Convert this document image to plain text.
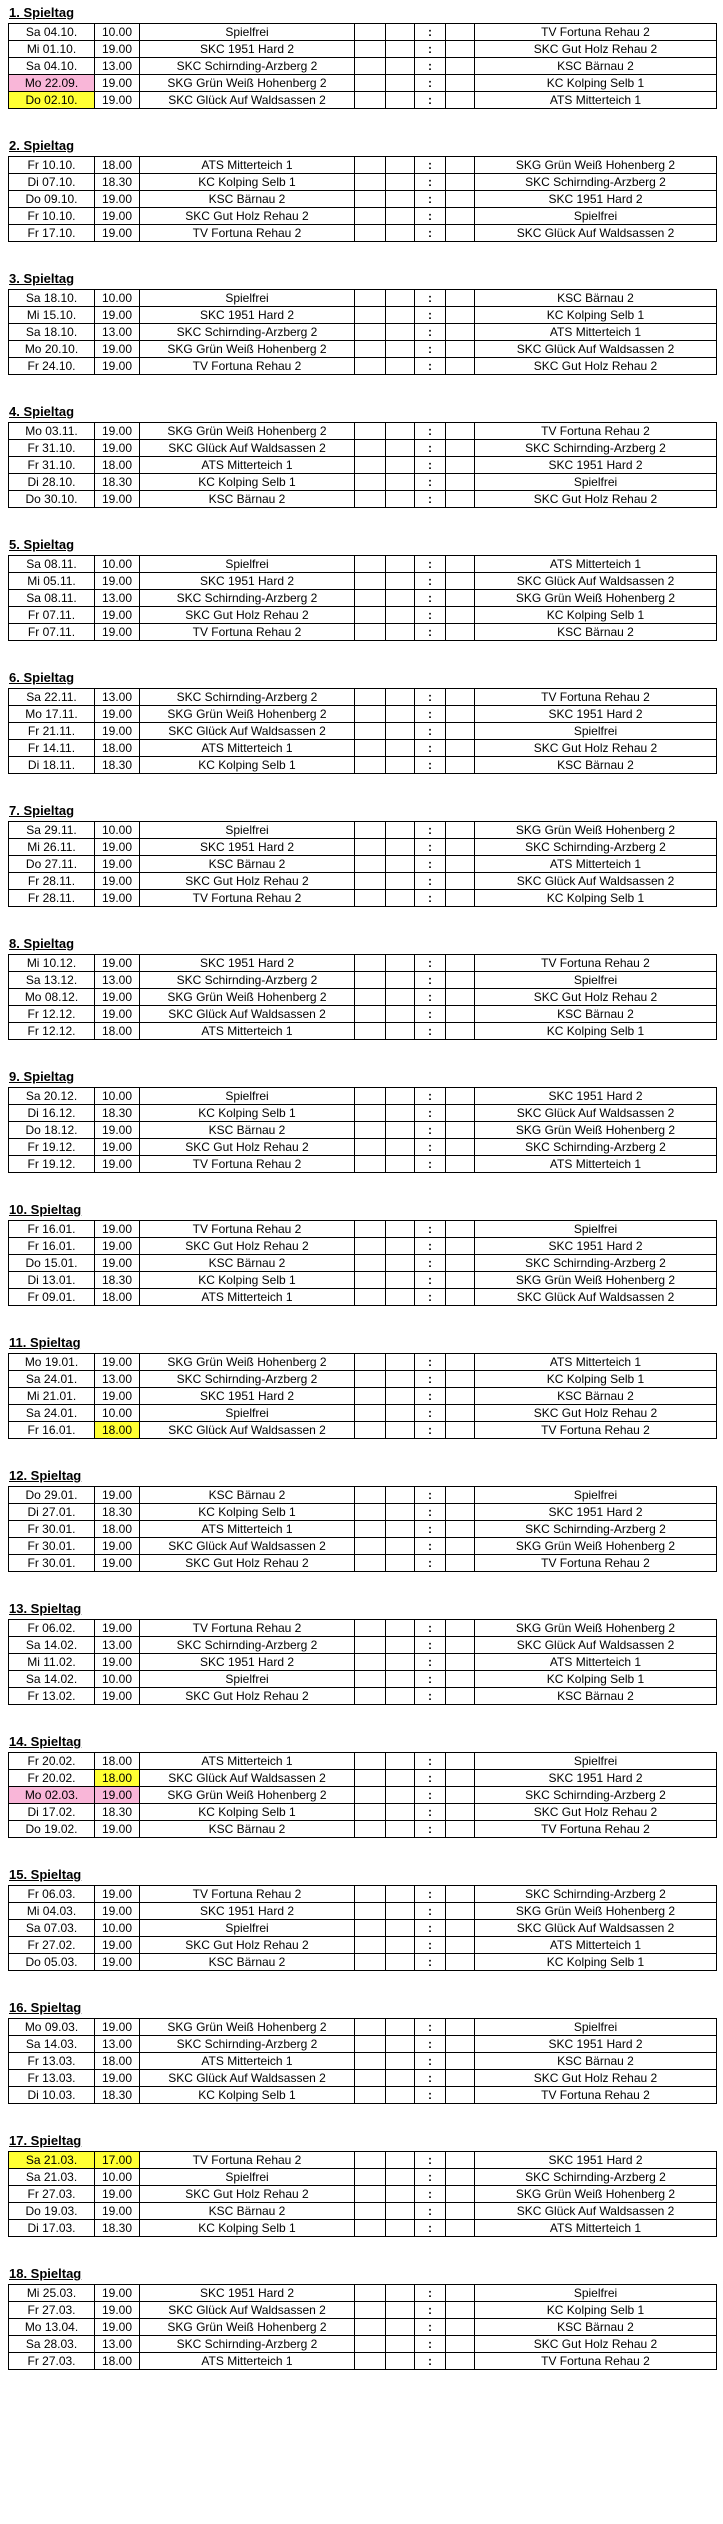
1. Spieltag
Sa 04.10.	10.00	Spielfrei			:		TV Fortuna Rehau 2
Mi 01.10.	19.00	SKC 1951 Hard 2			:		SKC Gut Holz Rehau 2
Sa 04.10.	13.00	SKC Schirnding-Arzberg 2			:		KSC Bärnau 2
Mo 22.09.	19.00	SKG Grün Weiß Hohenberg 2			:		KC Kolping Selb 1
Do 02.10.	19.00	SKC Glück Auf Waldsassen 2			:		ATS Mitterteich 1
2. Spieltag
Fr 10.10.	18.00	ATS Mitterteich 1			:		SKG Grün Weiß Hohenberg 2
Di 07.10.	18.30	KC Kolping Selb 1			:		SKC Schirnding-Arzberg 2
Do 09.10.	19.00	KSC Bärnau 2			:		SKC 1951 Hard 2
Fr 10.10.	19.00	SKC Gut Holz Rehau 2			:		Spielfrei
Fr 17.10.	19.00	TV Fortuna Rehau 2			:		SKC Glück Auf Waldsassen 2
3. Spieltag
Sa 18.10.	10.00	Spielfrei			:		KSC Bärnau 2
Mi 15.10.	19.00	SKC 1951 Hard 2			:		KC Kolping Selb 1
Sa 18.10.	13.00	SKC Schirnding-Arzberg 2			:		ATS Mitterteich 1
Mo 20.10.	19.00	SKG Grün Weiß Hohenberg 2			:		SKC Glück Auf Waldsassen 2
Fr 24.10.	19.00	TV Fortuna Rehau 2			:		SKC Gut Holz Rehau 2
4. Spieltag
Mo 03.11.	19.00	SKG Grün Weiß Hohenberg 2			:		TV Fortuna Rehau 2
Fr 31.10.	19.00	SKC Glück Auf Waldsassen 2			:		SKC Schirnding-Arzberg 2
Fr 31.10.	18.00	ATS Mitterteich 1			:		SKC 1951 Hard 2
Di 28.10.	18.30	KC Kolping Selb 1			:		Spielfrei
Do 30.10.	19.00	KSC Bärnau 2			:		SKC Gut Holz Rehau 2
5. Spieltag
Sa 08.11.	10.00	Spielfrei			:		ATS Mitterteich 1
Mi 05.11.	19.00	SKC 1951 Hard 2			:		SKC Glück Auf Waldsassen 2
Sa 08.11.	13.00	SKC Schirnding-Arzberg 2			:		SKG Grün Weiß Hohenberg 2
Fr 07.11.	19.00	SKC Gut Holz Rehau 2			:		KC Kolping Selb 1
Fr 07.11.	19.00	TV Fortuna Rehau 2			:		KSC Bärnau 2
6. Spieltag
Sa 22.11.	13.00	SKC Schirnding-Arzberg 2			:		TV Fortuna Rehau 2
Mo 17.11.	19.00	SKG Grün Weiß Hohenberg 2			:		SKC 1951 Hard 2
Fr 21.11.	19.00	SKC Glück Auf Waldsassen 2			:		Spielfrei
Fr 14.11.	18.00	ATS Mitterteich 1			:		SKC Gut Holz Rehau 2
Di 18.11.	18.30	KC Kolping Selb 1			:		KSC Bärnau 2
7. Spieltag
Sa 29.11.	10.00	Spielfrei			:		SKG Grün Weiß Hohenberg 2
Mi 26.11.	19.00	SKC 1951 Hard 2			:		SKC Schirnding-Arzberg 2
Do 27.11.	19.00	KSC Bärnau 2			:		ATS Mitterteich 1
Fr 28.11.	19.00	SKC Gut Holz Rehau 2			:		SKC Glück Auf Waldsassen 2
Fr 28.11.	19.00	TV Fortuna Rehau 2			:		KC Kolping Selb 1
8. Spieltag
Mi 10.12.	19.00	SKC 1951 Hard 2			:		TV Fortuna Rehau 2
Sa 13.12.	13.00	SKC Schirnding-Arzberg 2			:		Spielfrei
Mo 08.12.	19.00	SKG Grün Weiß Hohenberg 2			:		SKC Gut Holz Rehau 2
Fr 12.12.	19.00	SKC Glück Auf Waldsassen 2			:		KSC Bärnau 2
Fr 12.12.	18.00	ATS Mitterteich 1			:		KC Kolping Selb 1
9. Spieltag
Sa 20.12.	10.00	Spielfrei			:		SKC 1951 Hard 2
Di 16.12.	18.30	KC Kolping Selb 1			:		SKC Glück Auf Waldsassen 2
Do 18.12.	19.00	KSC Bärnau 2			:		SKG Grün Weiß Hohenberg 2
Fr 19.12.	19.00	SKC Gut Holz Rehau 2			:		SKC Schirnding-Arzberg 2
Fr 19.12.	19.00	TV Fortuna Rehau 2			:		ATS Mitterteich 1
10. Spieltag
Fr 16.01.	19.00	TV Fortuna Rehau 2			:		Spielfrei
Fr 16.01.	19.00	SKC Gut Holz Rehau 2			:		SKC 1951 Hard 2
Do 15.01.	19.00	KSC Bärnau 2			:		SKC Schirnding-Arzberg 2
Di 13.01.	18.30	KC Kolping Selb 1			:		SKG Grün Weiß Hohenberg 2
Fr 09.01.	18.00	ATS Mitterteich 1			:		SKC Glück Auf Waldsassen 2
11. Spieltag
Mo 19.01.	19.00	SKG Grün Weiß Hohenberg 2			:		ATS Mitterteich 1
Sa 24.01.	13.00	SKC Schirnding-Arzberg 2			:		KC Kolping Selb 1
Mi 21.01.	19.00	SKC 1951 Hard 2			:		KSC Bärnau 2
Sa 24.01.	10.00	Spielfrei			:		SKC Gut Holz Rehau 2
Fr 16.01.	18.00	SKC Glück Auf Waldsassen 2			:		TV Fortuna Rehau 2
12. Spieltag
Do 29.01.	19.00	KSC Bärnau 2			:		Spielfrei
Di 27.01.	18.30	KC Kolping Selb 1			:		SKC 1951 Hard 2
Fr 30.01.	18.00	ATS Mitterteich 1			:		SKC Schirnding-Arzberg 2
Fr 30.01.	19.00	SKC Glück Auf Waldsassen 2			:		SKG Grün Weiß Hohenberg 2
Fr 30.01.	19.00	SKC Gut Holz Rehau 2			:		TV Fortuna Rehau 2
13. Spieltag
Fr 06.02.	19.00	TV Fortuna Rehau 2			:		SKG Grün Weiß Hohenberg 2
Sa 14.02.	13.00	SKC Schirnding-Arzberg 2			:		SKC Glück Auf Waldsassen 2
Mi 11.02.	19.00	SKC 1951 Hard 2			:		ATS Mitterteich 1
Sa 14.02.	10.00	Spielfrei			:		KC Kolping Selb 1
Fr 13.02.	19.00	SKC Gut Holz Rehau 2			:		KSC Bärnau 2
14. Spieltag
Fr 20.02.	18.00	ATS Mitterteich 1			:		Spielfrei
Fr 20.02.	18.00	SKC Glück Auf Waldsassen 2			:		SKC 1951 Hard 2
Mo 02.03.	19.00	SKG Grün Weiß Hohenberg 2			:		SKC Schirnding-Arzberg 2
Di 17.02.	18.30	KC Kolping Selb 1			:		SKC Gut Holz Rehau 2
Do 19.02.	19.00	KSC Bärnau 2			:		TV Fortuna Rehau 2
15. Spieltag
Fr 06.03.	19.00	TV Fortuna Rehau 2			:		SKC Schirnding-Arzberg 2
Mi 04.03.	19.00	SKC 1951 Hard 2			:		SKG Grün Weiß Hohenberg 2
Sa 07.03.	10.00	Spielfrei			:		SKC Glück Auf Waldsassen 2
Fr 27.02.	19.00	SKC Gut Holz Rehau 2			:		ATS Mitterteich 1
Do 05.03.	19.00	KSC Bärnau 2			:		KC Kolping Selb 1
16. Spieltag
Mo 09.03.	19.00	SKG Grün Weiß Hohenberg 2			:		Spielfrei
Sa 14.03.	13.00	SKC Schirnding-Arzberg 2			:		SKC 1951 Hard 2
Fr 13.03.	18.00	ATS Mitterteich 1			:		KSC Bärnau 2
Fr 13.03.	19.00	SKC Glück Auf Waldsassen 2			:		SKC Gut Holz Rehau 2
Di 10.03.	18.30	KC Kolping Selb 1			:		TV Fortuna Rehau 2
17. Spieltag
Sa 21.03.	17.00	TV Fortuna Rehau 2			:		SKC 1951 Hard 2
Sa 21.03.	10.00	Spielfrei			:		SKC Schirnding-Arzberg 2
Fr 27.03.	19.00	SKC Gut Holz Rehau 2			:		SKG Grün Weiß Hohenberg 2
Do 19.03.	19.00	KSC Bärnau 2			:		SKC Glück Auf Waldsassen 2
Di 17.03.	18.30	KC Kolping Selb 1			:		ATS Mitterteich 1
18. Spieltag
Mi 25.03.	19.00	SKC 1951 Hard 2			:		Spielfrei
Fr 27.03.	19.00	SKC Glück Auf Waldsassen 2			:		KC Kolping Selb 1
Mo 13.04.	19.00	SKG Grün Weiß Hohenberg 2			:		KSC Bärnau 2
Sa 28.03.	13.00	SKC Schirnding-Arzberg 2			:		SKC Gut Holz Rehau 2
Fr 27.03.	18.00	ATS Mitterteich 1			:		TV Fortuna Rehau 2
